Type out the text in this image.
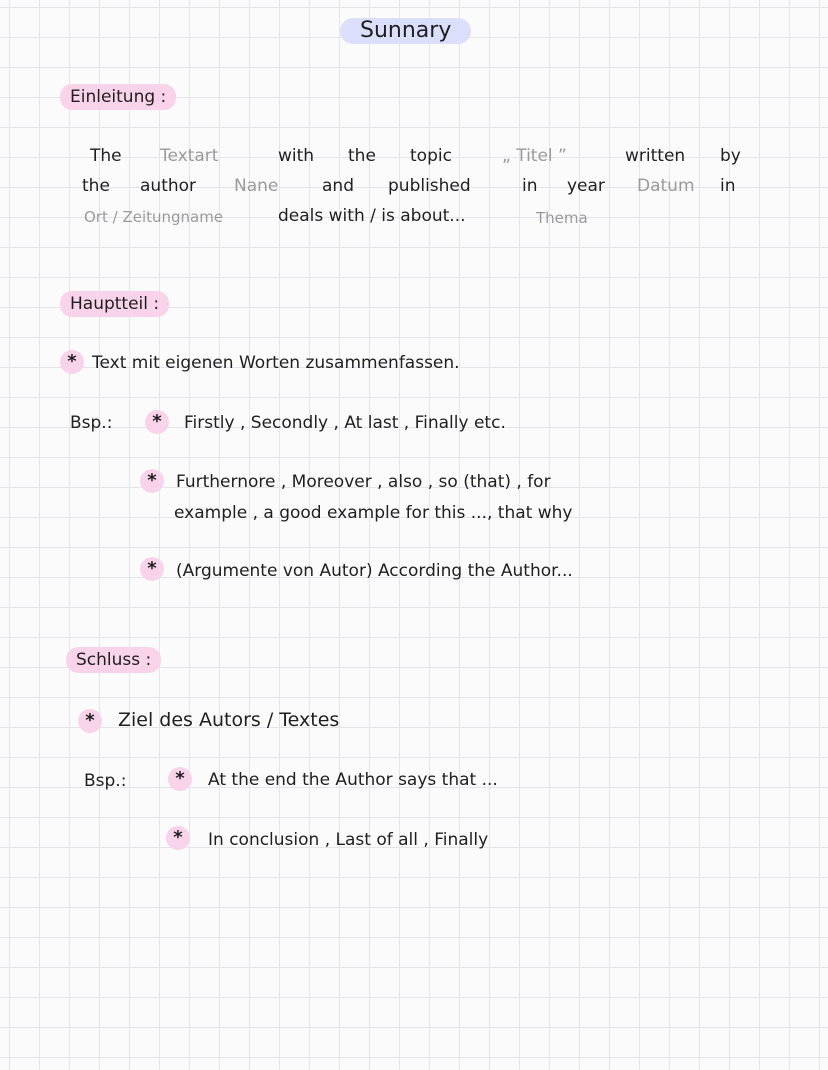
Sunnary
Einleitung :
The Textart	with the topic	„ Titel ”	written by
the author Nane	and published	in year Datum in
Ort / Zeitungname	deals with / is about...	Thema
Hauptteil :
* Text mit eigenen Worten zusammenfassen.
Bsp.:	*	Firstly , Secondly , At last , Finally etc.
*	Furthernore , Moreover , also , so (that) , for
example , a good example for this ..., that why
*	(Argumente von Autor) According the Author...
Schluss :
*	Ziel des Autors / Textes
Bsp.:	*	At the end the Author says that ...
*	In conclusion , Last of all , Finally
